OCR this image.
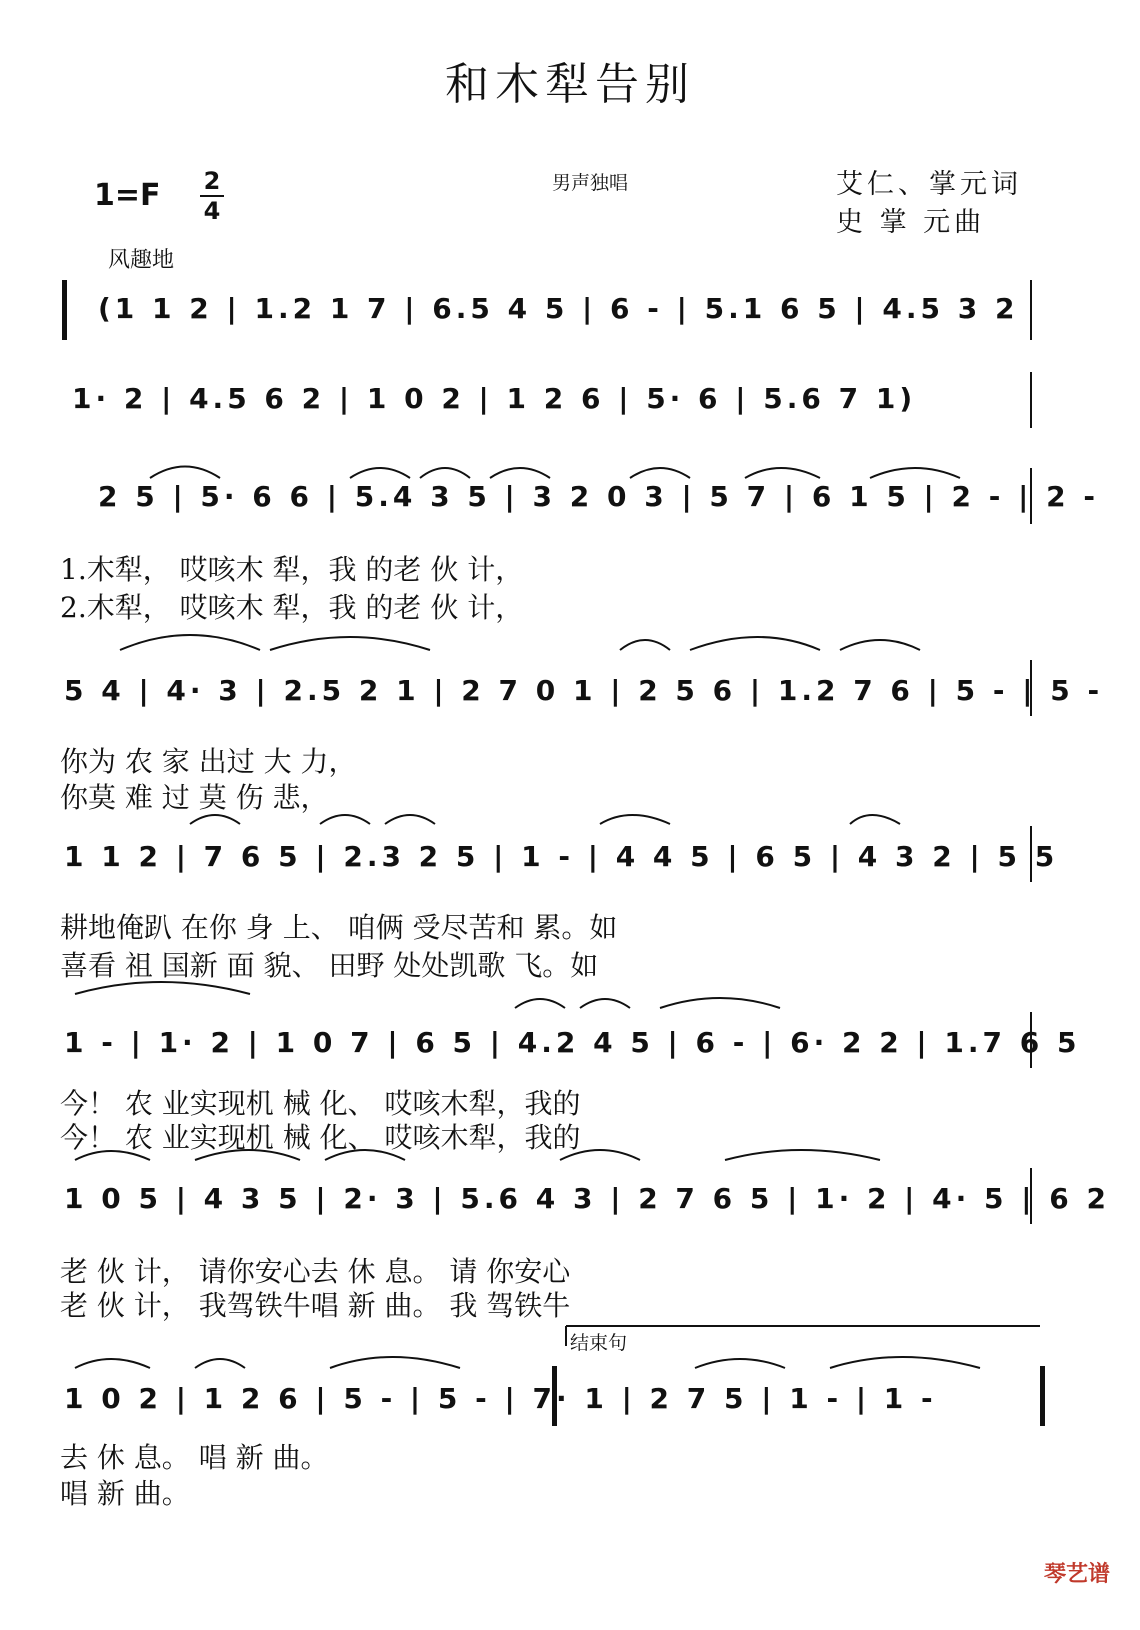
和木犁告别
1=F 2
4
男声独唱	艾仁、掌元词
史 掌 元曲
风趣地
(1 1 2 | 1.2 1 7 | 6.5 4 5 | 6 - | 5.1 6 5 | 4.5 3 2
1· 2 | 4.5 6 2 | 1 0 2 | 1 2 6 | 5· 6 | 5.6 7 1)
2 5 | 5· 6 6 | 5.4 3 5 | 3 2 0 3 | 5 7 | 6 1 5 | 2 - | 2 -
5 4 | 4· 3 | 2.5 2 1 | 2 7 0 1 | 2 5 6 | 1.2 7 6 | 5 - | 5 -
1 1 2 | 7 6 5 | 2.3 2 5 | 1 - | 4 4 5 | 6 5 | 4 3 2 | 5 5
1 - | 1· 2 | 1 0 7 | 6 5 | 4.2 4 5 | 6 - | 6· 2 2 | 1.7 6 5
1 0 5 | 4 3 5 | 2· 3 | 5.6 4 3 | 2 7 6 5 | 1· 2 | 4· 5 | 6 2
1 0 2 | 1 2 6 | 5 - | 5 - | 7· 1 | 2 7 5 | 1 - | 1 -
1.木犁， 哎咳木 犁，我 的老 伙 计，
2.木犁， 哎咳木 犁，我 的老 伙 计，
你为 农 家 出过 大 力，
你莫 难 过 莫 伤 悲，
耕地俺趴 在你 身 上、 咱俩 受尽苦和 累。如
喜看 祖 国新 面 貌、 田野 处处凯歌 飞。如
今！ 农 业实现机 械 化、 哎咳木犁，我的
今！ 农 业实现机 械 化、 哎咳木犁，我的
老 伙 计， 请你安心去 休 息。 请 你安心
老 伙 计， 我驾铁牛唱 新 曲。 我 驾铁牛
去 休 息。 唱 新 曲。
唱 新 曲。
结束句
琴艺谱
